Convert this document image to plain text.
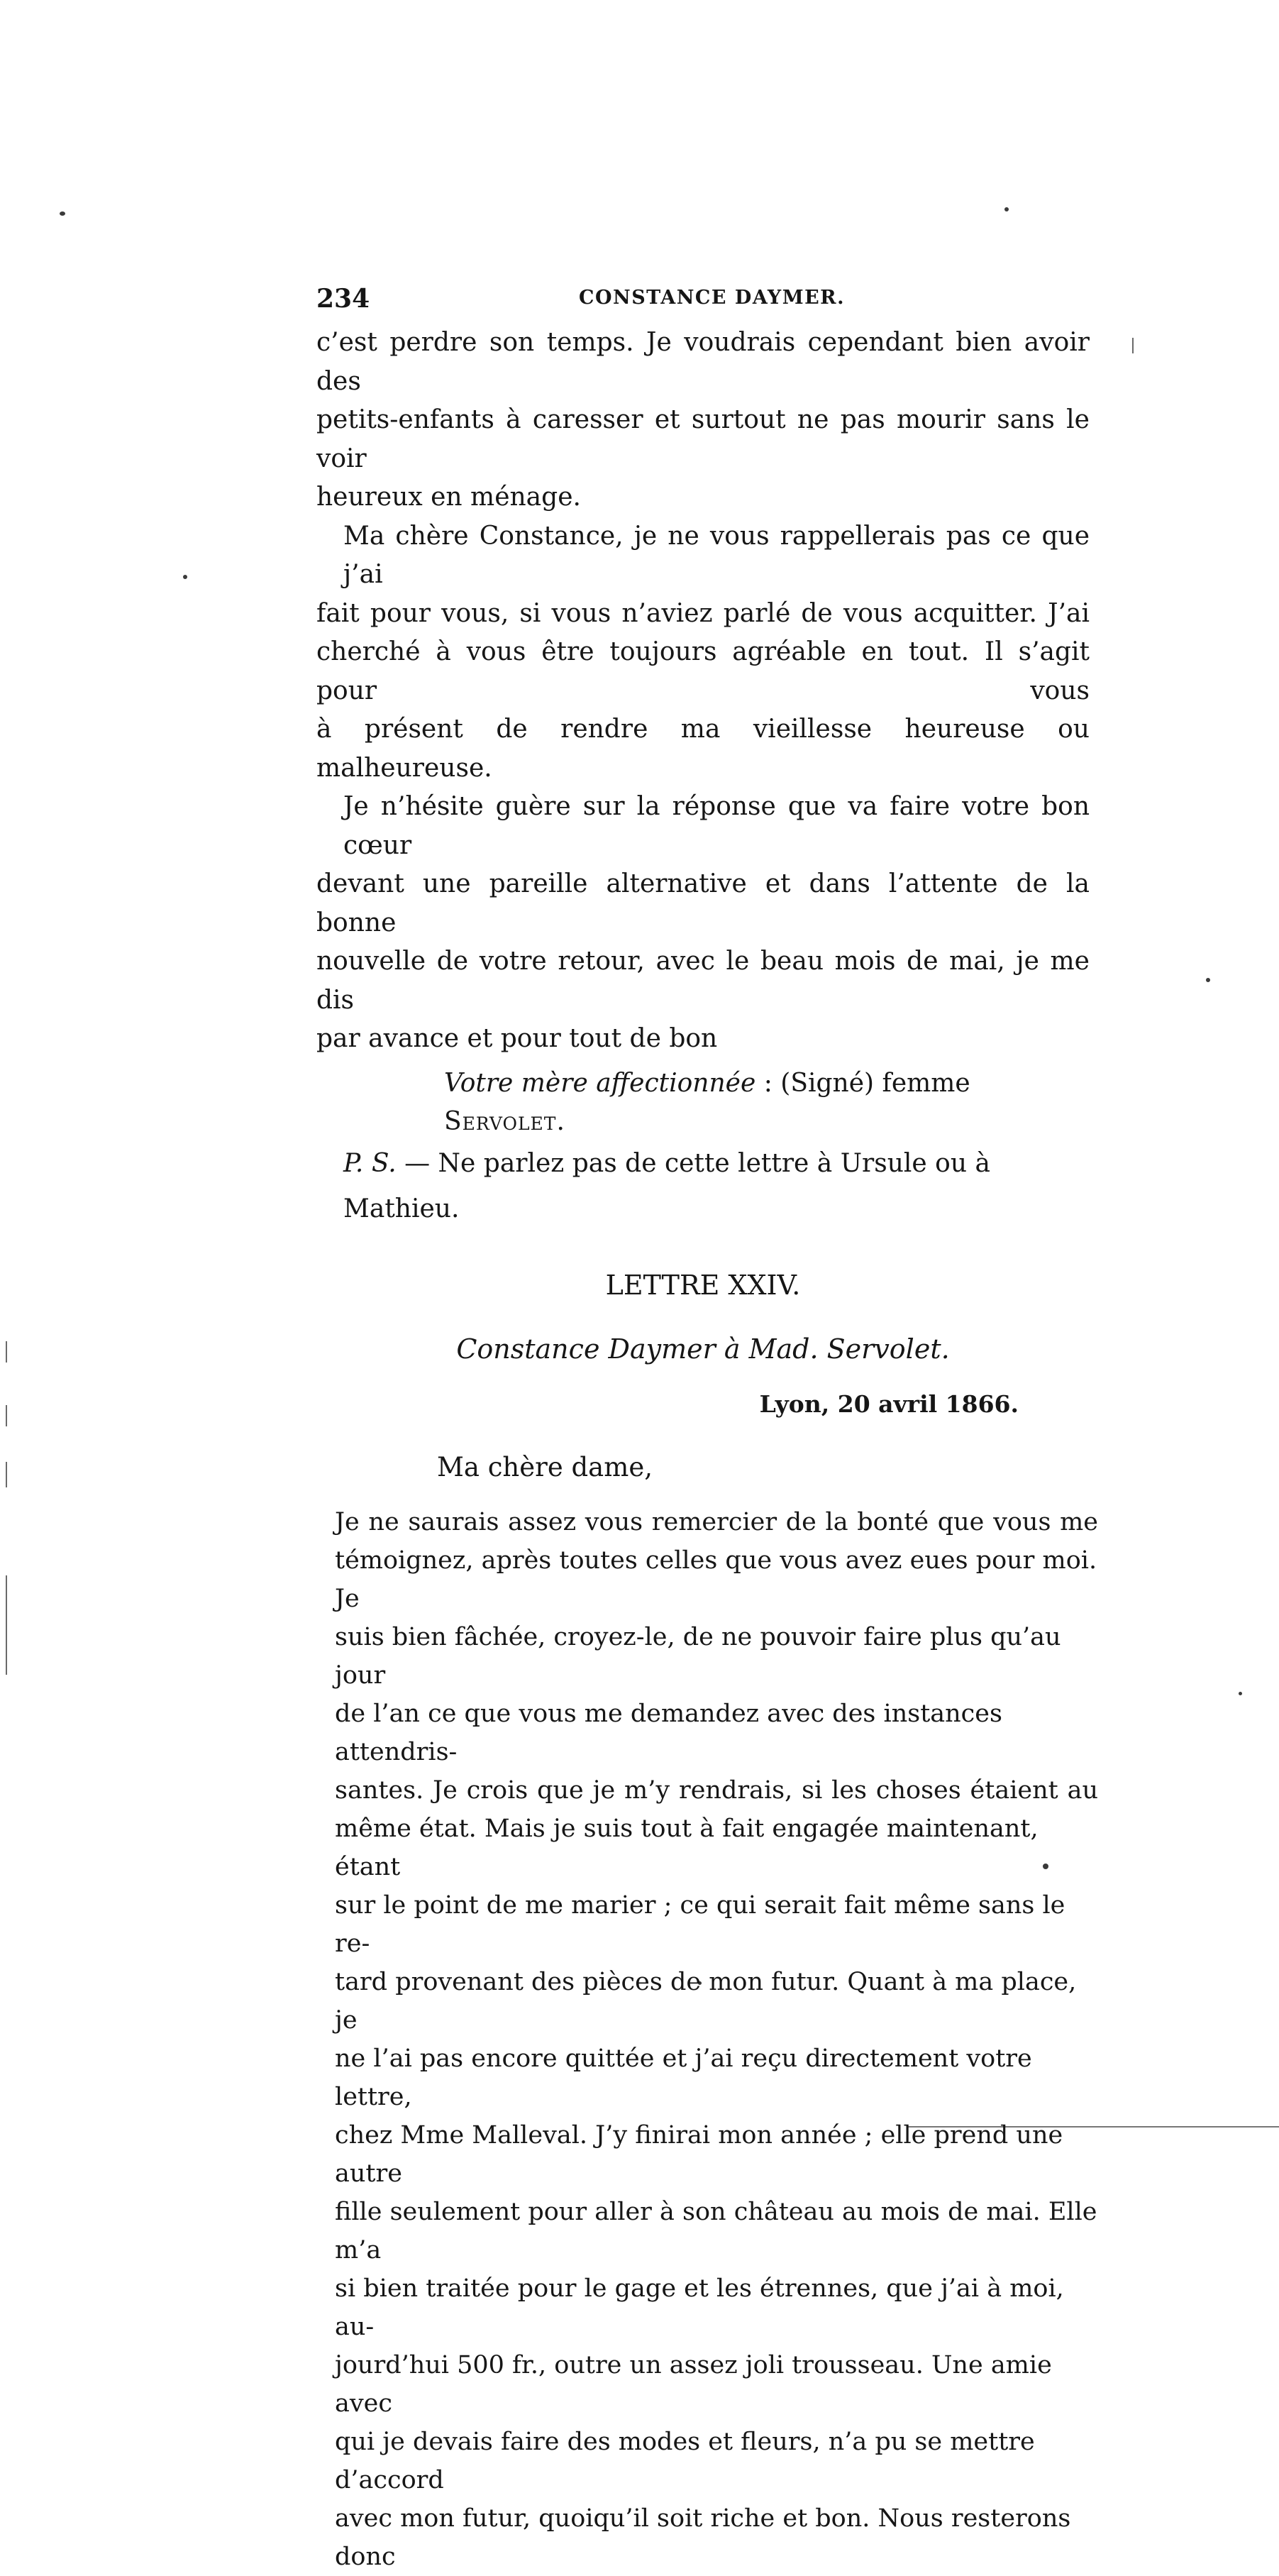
234	CONSTANCE DAYMER.

c’est perdre son temps. Je voudrais cependant bien avoir des
petits-enfants à caresser et surtout ne pas mourir sans le voir
heureux en ménage.

Ma chère Constance, je ne vous rappellerais pas ce que j’ai
fait pour vous, si vous n’aviez parlé de vous acquitter. J’ai
cherché à vous être toujours agréable en tout. Il s’agit pour vous
à présent de rendre ma vieillesse heureuse ou malheureuse.

Je n’hésite guère sur la réponse que va faire votre bon cœur
devant une pareille alternative et dans l’attente de la bonne
nouvelle de votre retour, avec le beau mois de mai, je me dis
par avance et pour tout de bon

Votre mère affectionnée : (Signé) femme Servolet.

P. S. — Ne parlez pas de cette lettre à Ursule ou à Mathieu.

LETTRE XXIV.
Constance Daymer à Mad. Servolet.

Lyon, 20 avril 1866.

Ma chère dame,

Je ne saurais assez vous remercier de la bonté que vous me
témoignez, après toutes celles que vous avez eues pour moi. Je
suis bien fâchée, croyez-le, de ne pouvoir faire plus qu’au jour
de l’an ce que vous me demandez avec des instances attendris-
santes. Je crois que je m’y rendrais, si les choses étaient au
même état. Mais je suis tout à fait engagée maintenant, étant
sur le point de me marier ; ce qui serait fait même sans le re-
tard provenant des pièces de mon futur. Quant à ma place, je
ne l’ai pas encore quittée et j’ai reçu directement votre lettre,
chez Mme Malleval. J’y finirai mon année ; elle prend une autre
fille seulement pour aller à son château au mois de mai. Elle m’a
si bien traitée pour le gage et les étrennes, que j’ai à moi, au-
jourd’hui 500 fr., outre un assez joli trousseau. Une amie avec
qui je devais faire des modes et fleurs, n’a pu se mettre d’accord
avec mon futur, quoiqu’il soit riche et bon. Nous resterons donc
